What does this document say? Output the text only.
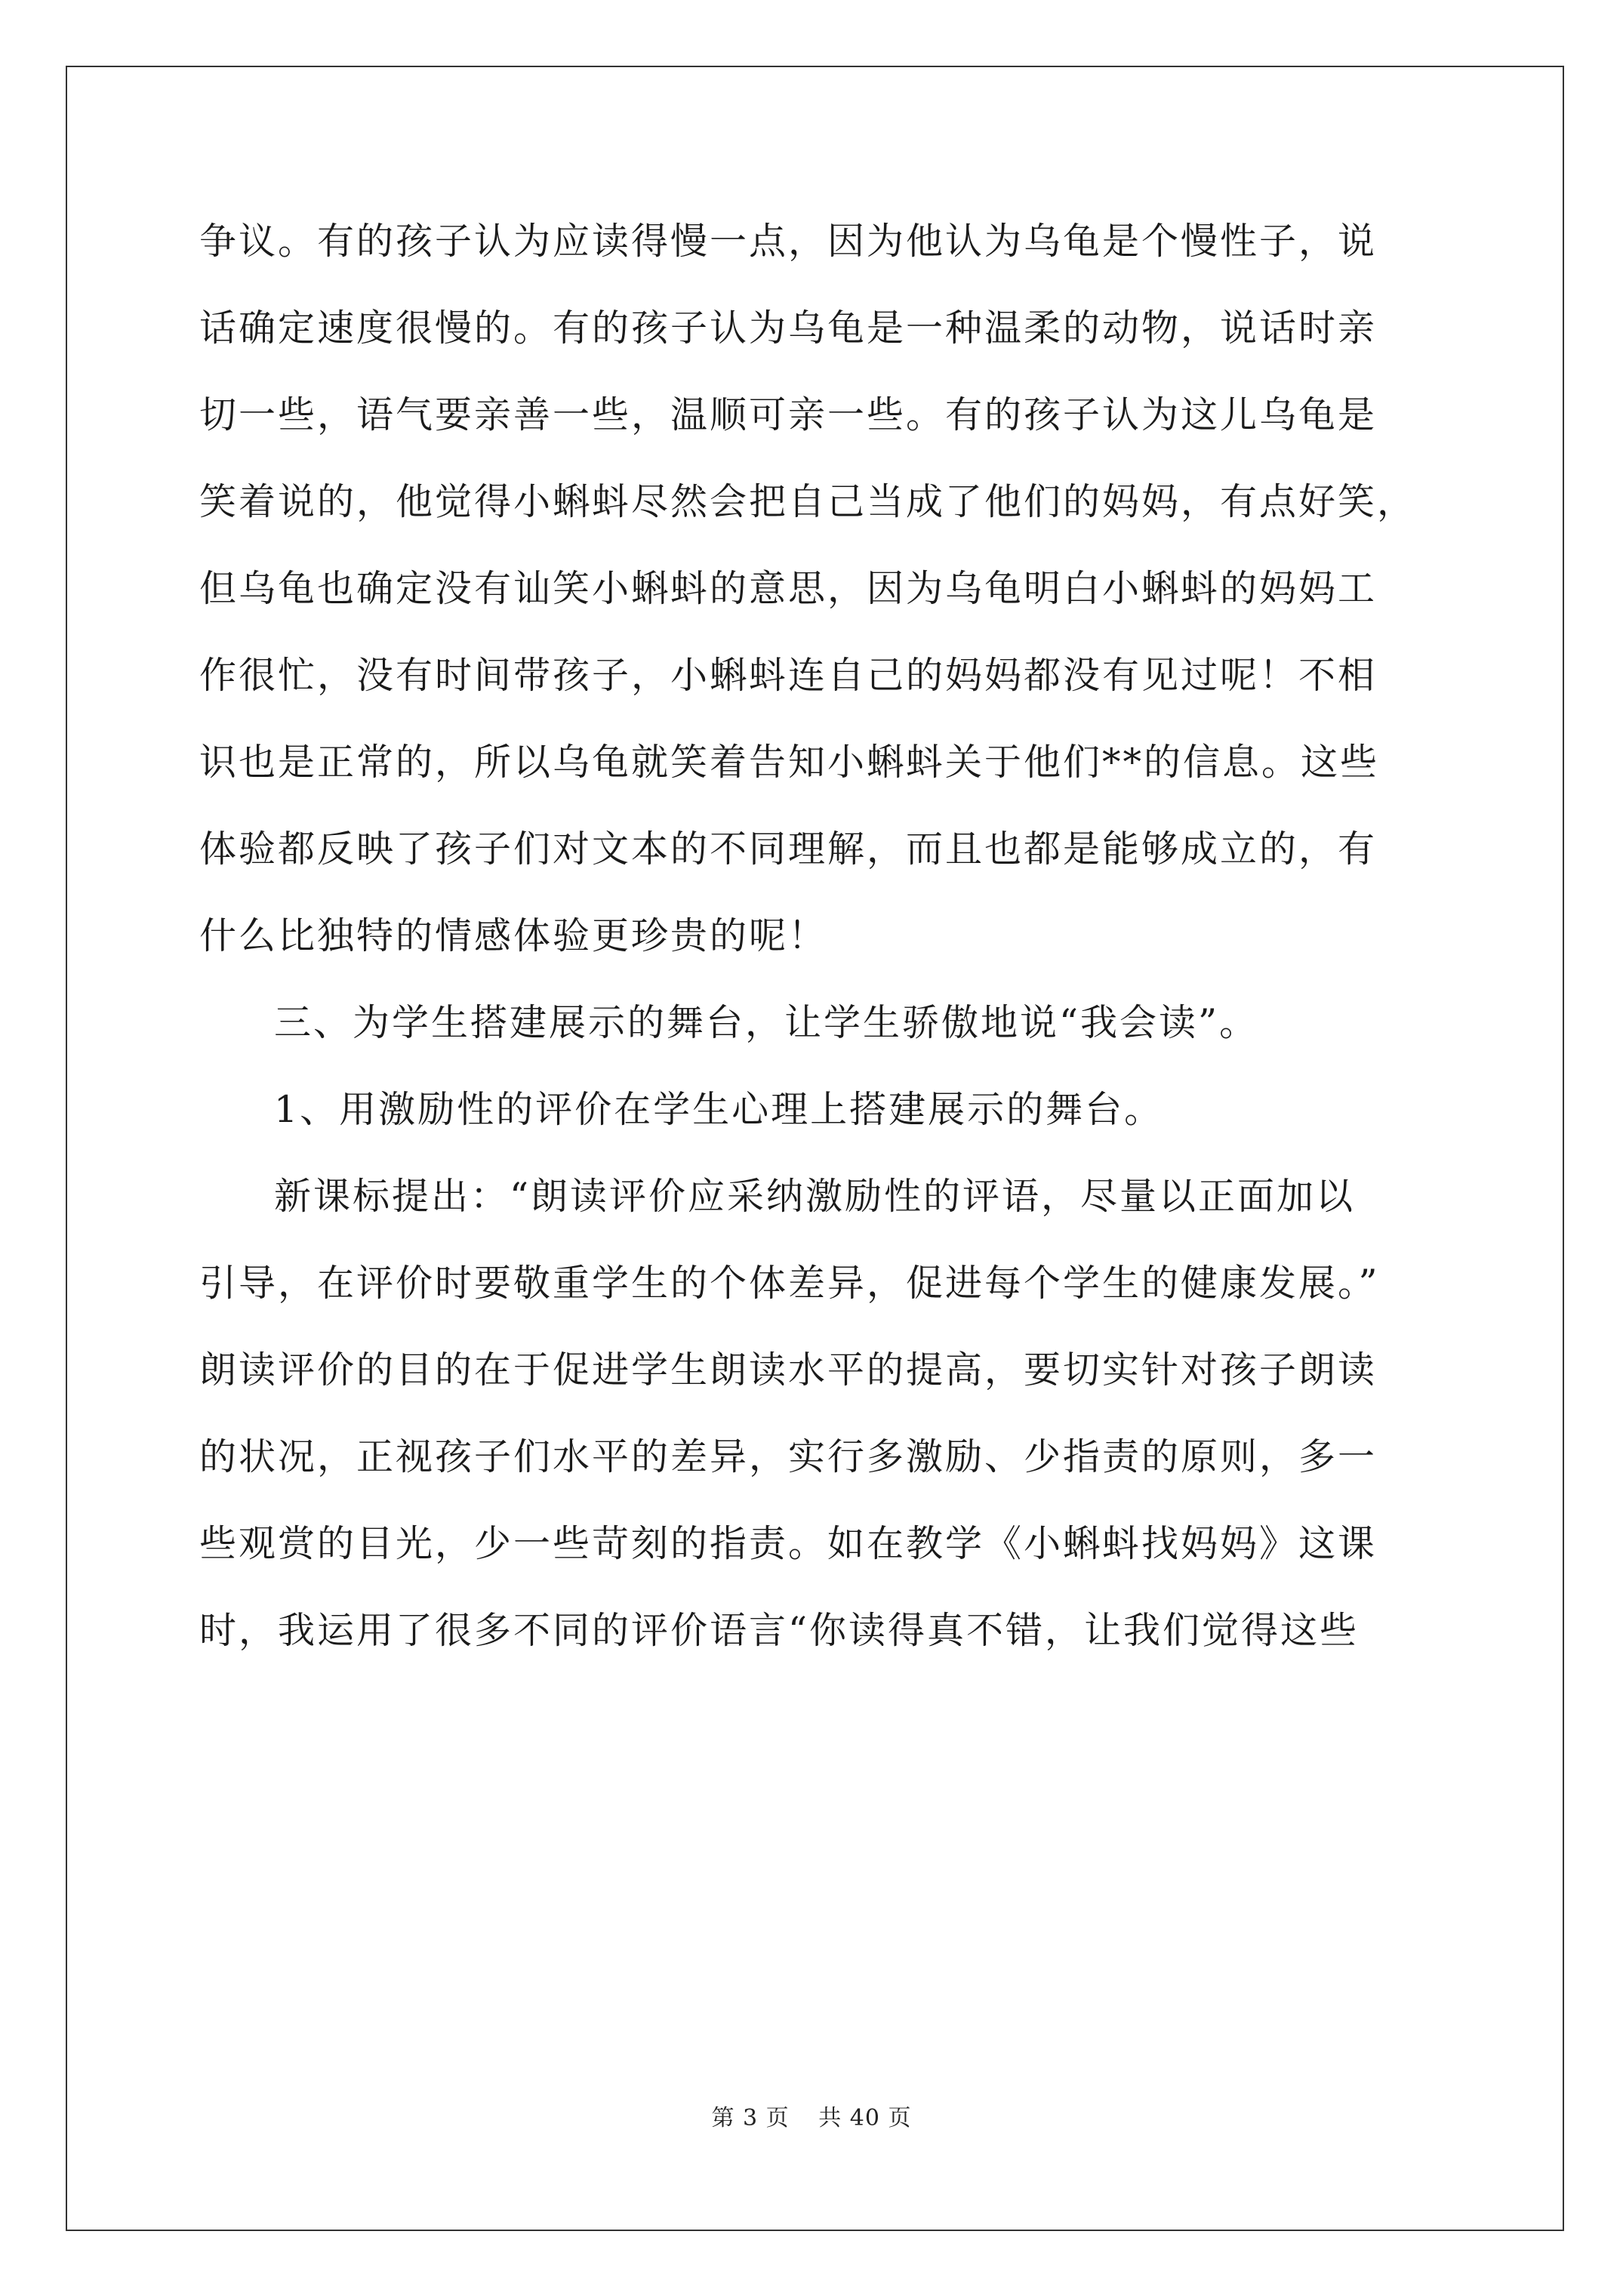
争议。有的孩子认为应读得慢一点，因为他认为乌龟是个慢性子，说
话确定速度很慢的。有的孩子认为乌龟是一种温柔的动物，说话时亲
切一些，语气要亲善一些，温顺可亲一些。有的孩子认为这儿乌龟是
笑着说的，他觉得小蝌蚪尽然会把自己当成了他们的妈妈，有点好笑，
但乌龟也确定没有讪笑小蝌蚪的意思，因为乌龟明白小蝌蚪的妈妈工
作很忙，没有时间带孩子，小蝌蚪连自己的妈妈都没有见过呢！不相
识也是正常的，所以乌龟就笑着告知小蝌蚪关于他们**的信息。这些
体验都反映了孩子们对文本的不同理解，而且也都是能够成立的，有
什么比独特的情感体验更珍贵的呢！
三、为学生搭建展示的舞台，让学生骄傲地说“我会读”。
1、用激励性的评价在学生心理上搭建展示的舞台。
新课标提出：“朗读评价应采纳激励性的评语，尽量以正面加以
引导，在评价时要敬重学生的个体差异，促进每个学生的健康发展。”
朗读评价的目的在于促进学生朗读水平的提高，要切实针对孩子朗读
的状况，正视孩子们水平的差异，实行多激励、少指责的原则，多一
些观赏的目光，少一些苛刻的指责。如在教学《小蝌蚪找妈妈》这课
时，我运用了很多不同的评价语言“你读得真不错，让我们觉得这些
第 3 页 共 40 页
